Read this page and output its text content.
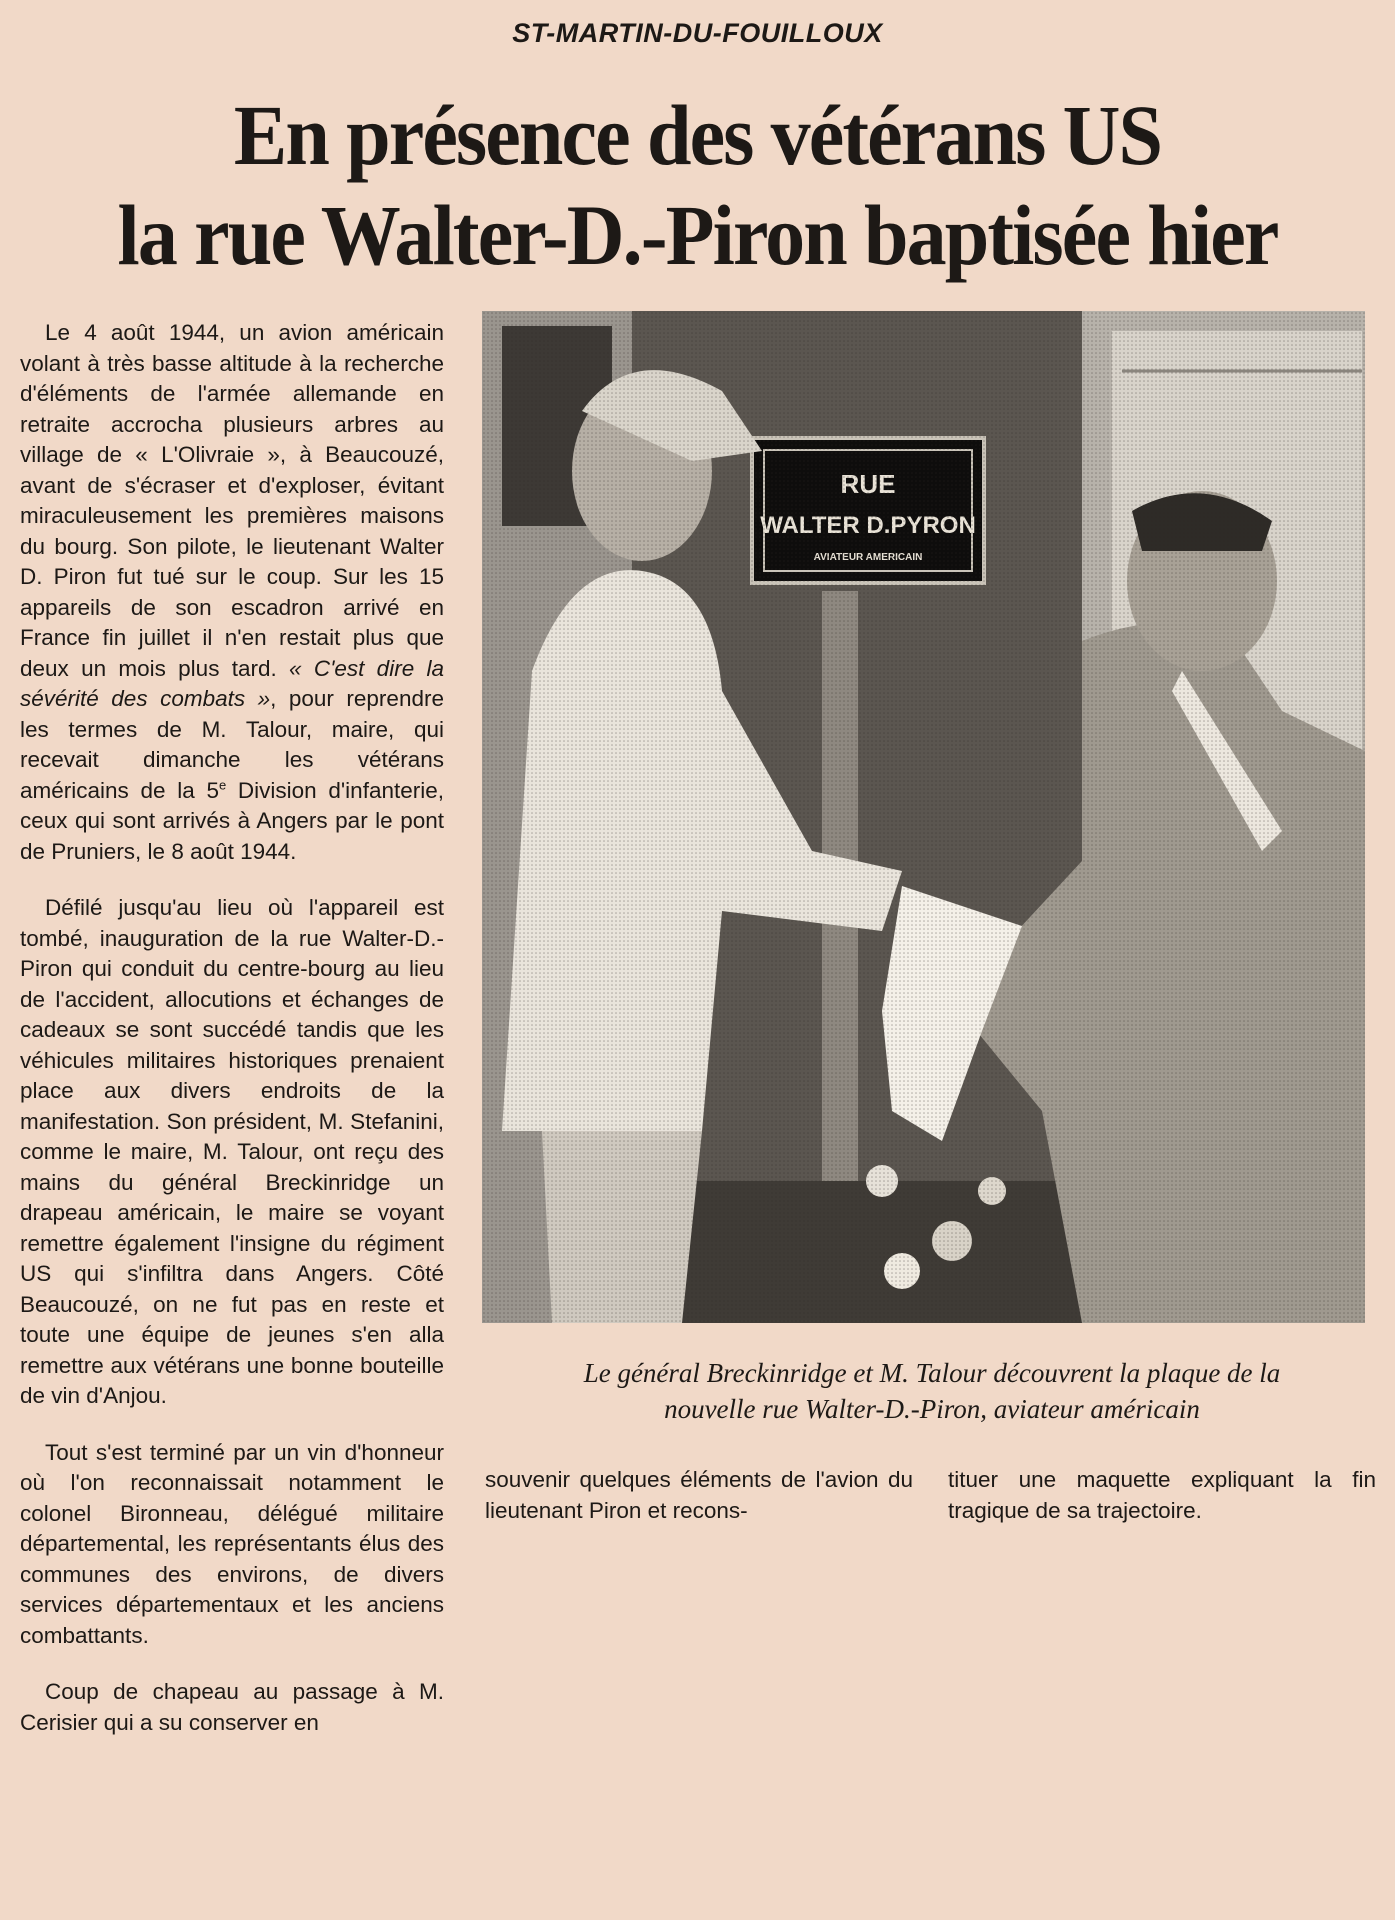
ST-MARTIN-DU-FOUILLOUX
En présence des vétérans US
la rue Walter-D.-Piron baptisée hier

Le 4 août 1944, un avion américain volant à très basse altitude à la recherche d'éléments de l'armée allemande en retraite accrocha plusieurs arbres au village de « L'Olivraie », à Beaucouzé, avant de s'écraser et d'exploser, évitant miraculeusement les premières maisons du bourg. Son pilote, le lieutenant Walter D. Piron fut tué sur le coup. Sur les 15 appareils de son escadron arrivé en France fin juillet il n'en restait plus que deux un mois plus tard. « C'est dire la sévérité des combats », pour reprendre les termes de M. Talour, maire, qui recevait dimanche les vétérans américains de la 5e Division d'infanterie, ceux qui sont arrivés à Angers par le pont de Pruniers, le 8 août 1944.

Défilé jusqu'au lieu où l'appareil est tombé, inauguration de la rue Walter-D.-Piron qui conduit du centre-bourg au lieu de l'accident, allocutions et échanges de cadeaux se sont succédé tandis que les véhicules militaires historiques prenaient place aux divers endroits de la manifestation. Son président, M. Stefanini, comme le maire, M. Talour, ont reçu des mains du général Breckinridge un drapeau américain, le maire se voyant remettre également l'insigne du régiment US qui s'infiltra dans Angers. Côté Beaucouzé, on ne fut pas en reste et toute une équipe de jeunes s'en alla remettre aux vétérans une bonne bouteille de vin d'Anjou.

Tout s'est terminé par un vin d'honneur où l'on reconnaissait notamment le colonel Bironneau, délégué militaire départemental, les représentants élus des communes des environs, de divers services départementaux et les anciens combattants.

Coup de chapeau au passage à M. Cerisier qui a su conserver en

Le général Breckinridge et M. Talour découvrent la plaque de la
nouvelle rue Walter-D.-Piron, aviateur américain

souvenir quelques éléments de l'avion du lieutenant Piron et recons-

tituer une maquette expliquant la fin tragique de sa trajectoire.
